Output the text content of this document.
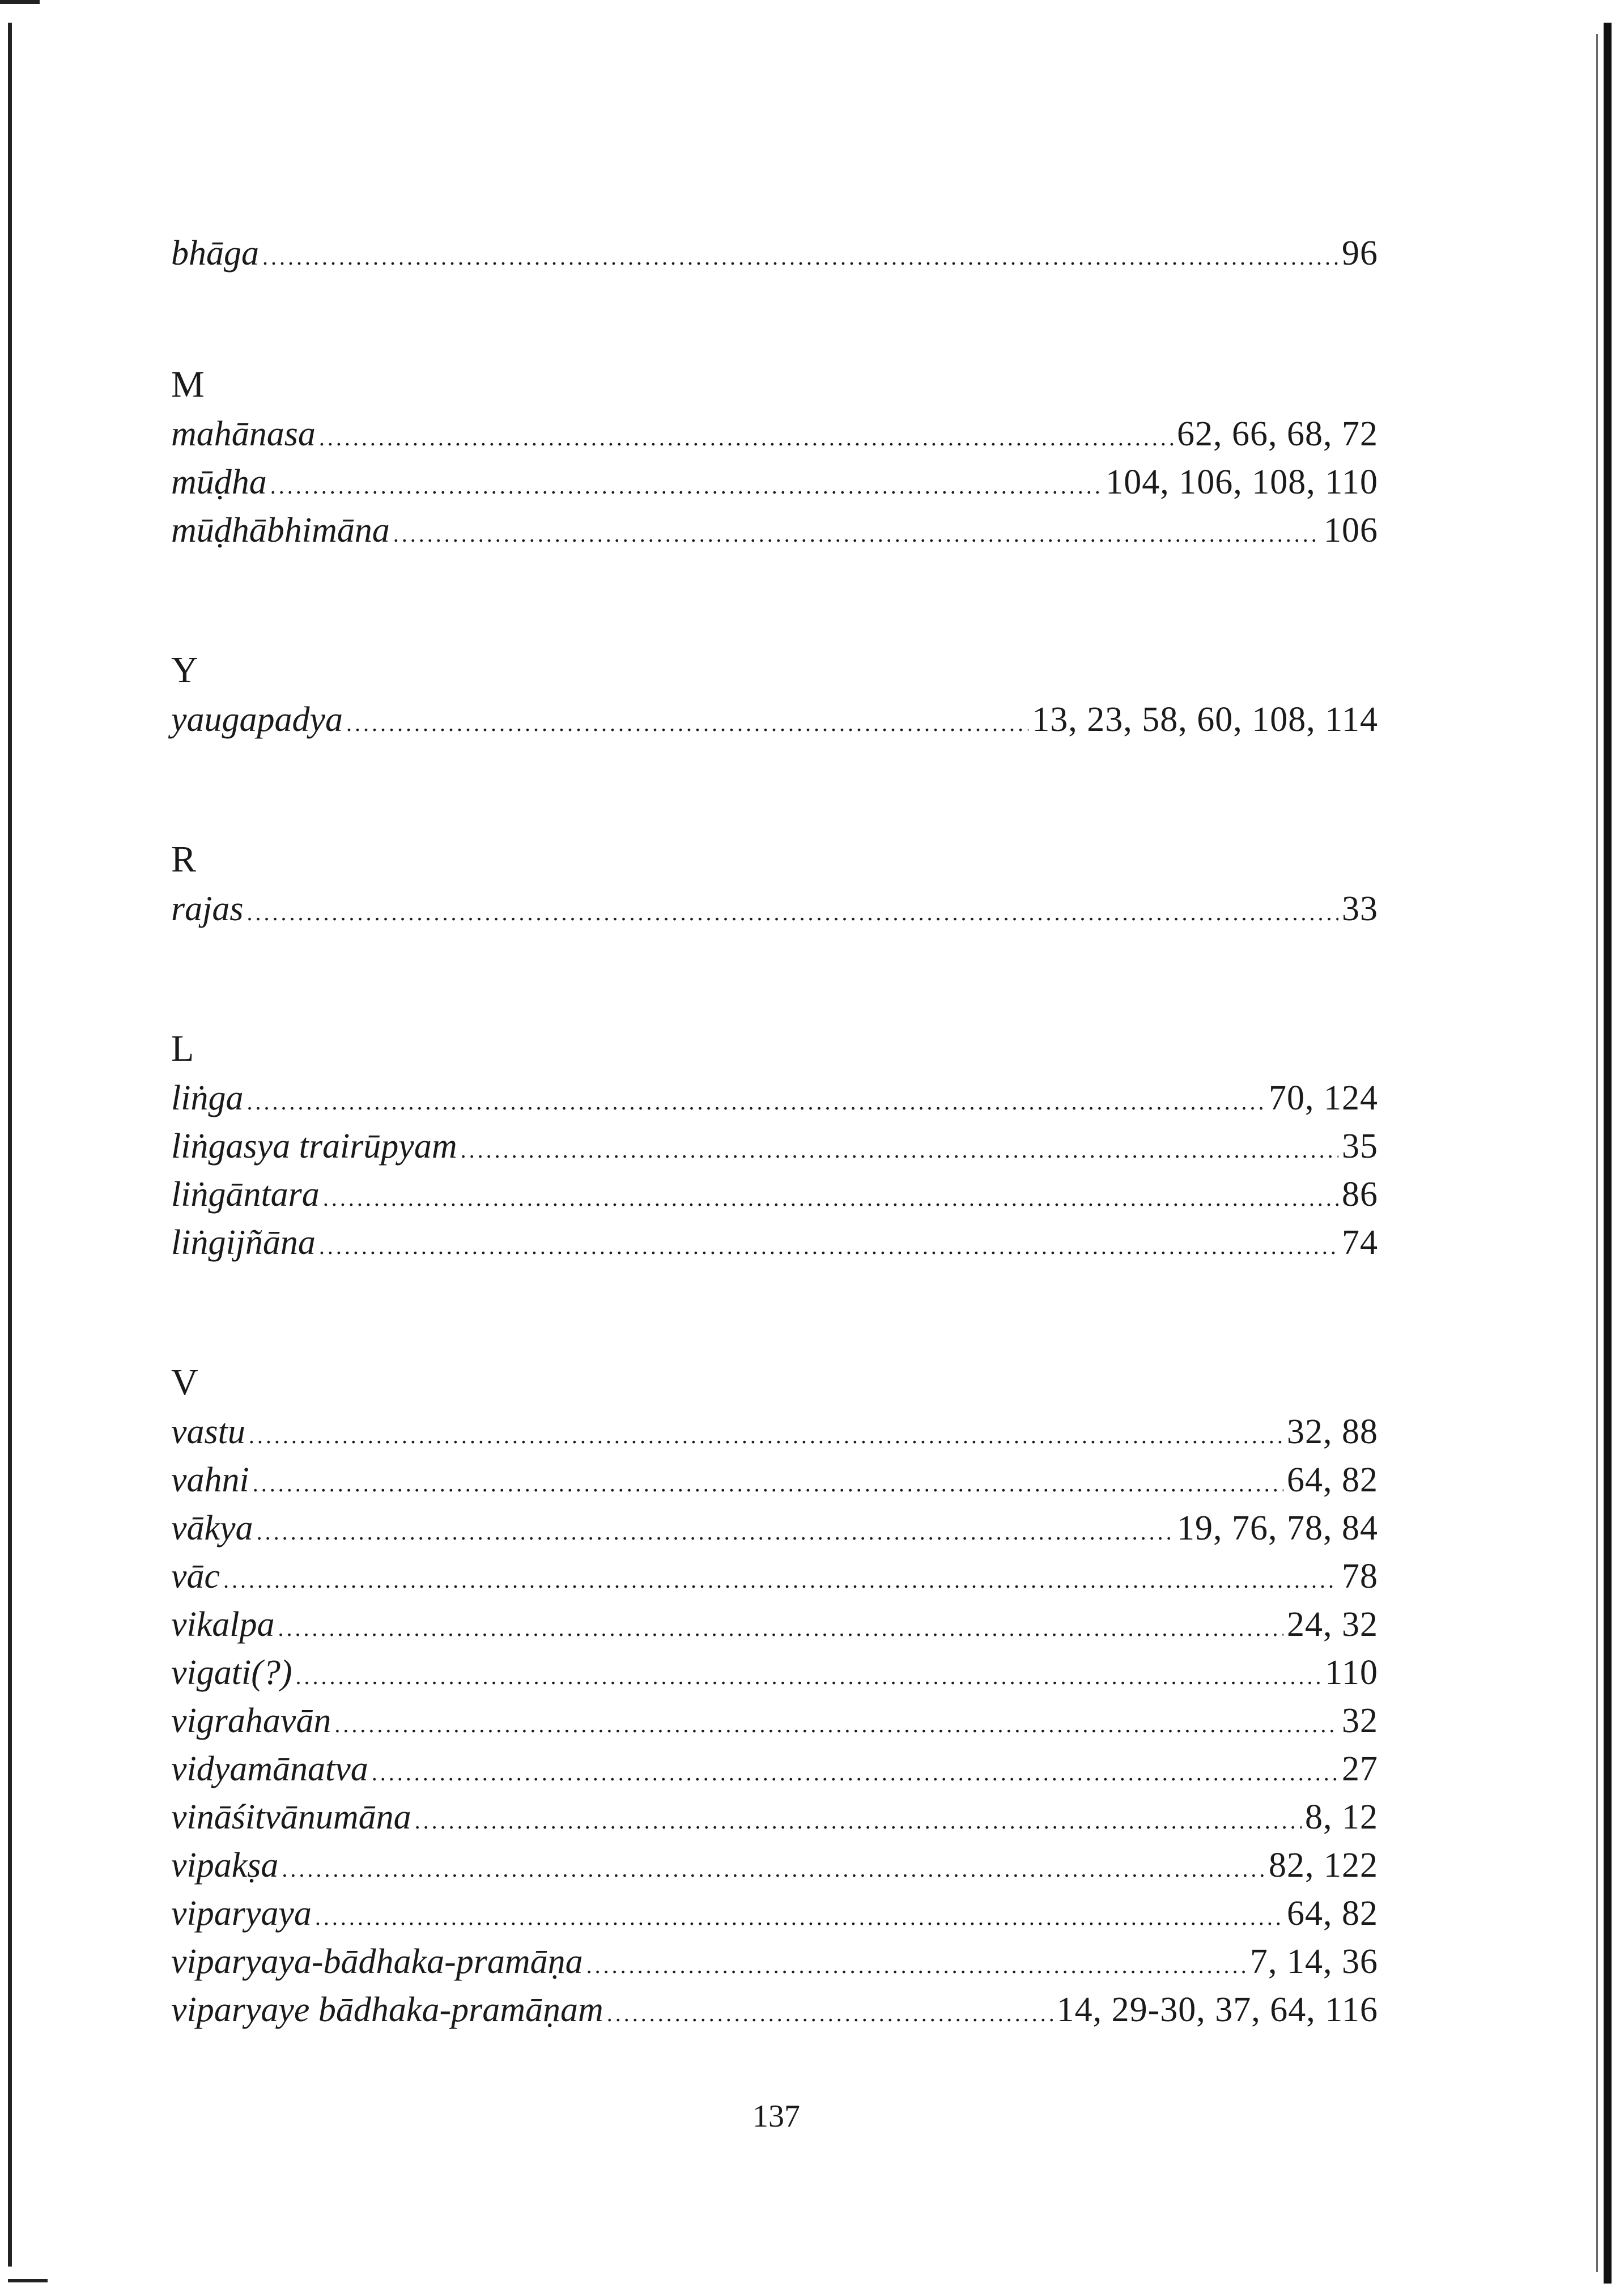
bhāga .....	96
M
mahānasa .....	62, 66, 68, 72
mūḍha .....	104, 106, 108, 110
mūḍhābhimāna .....	106
Y
yaugapadya .....	13, 23, 58, 60, 108, 114
R
rajas .....	33
L
liṅga .....	70, 124
liṅgasya trairūpyam .....	35
liṅgāntara .....	86
liṅgijñāna .....	74
V
vastu .....	32, 88
vahni .....	64, 82
vākya .....	19, 76, 78, 84
vāc .....	78
vikalpa .....	24, 32
vigati(?) .....	110
vigrahavān .....	32
vidyamānatva .....	27
vināśitvānumāna .....	8, 12
vipakṣa .....	82, 122
viparyaya .....	64, 82
viparyaya-bādhaka-pramāṇa .....	7, 14, 36
viparyaye bādhaka-pramāṇam .....	14, 29-30, 37, 64, 116
137
